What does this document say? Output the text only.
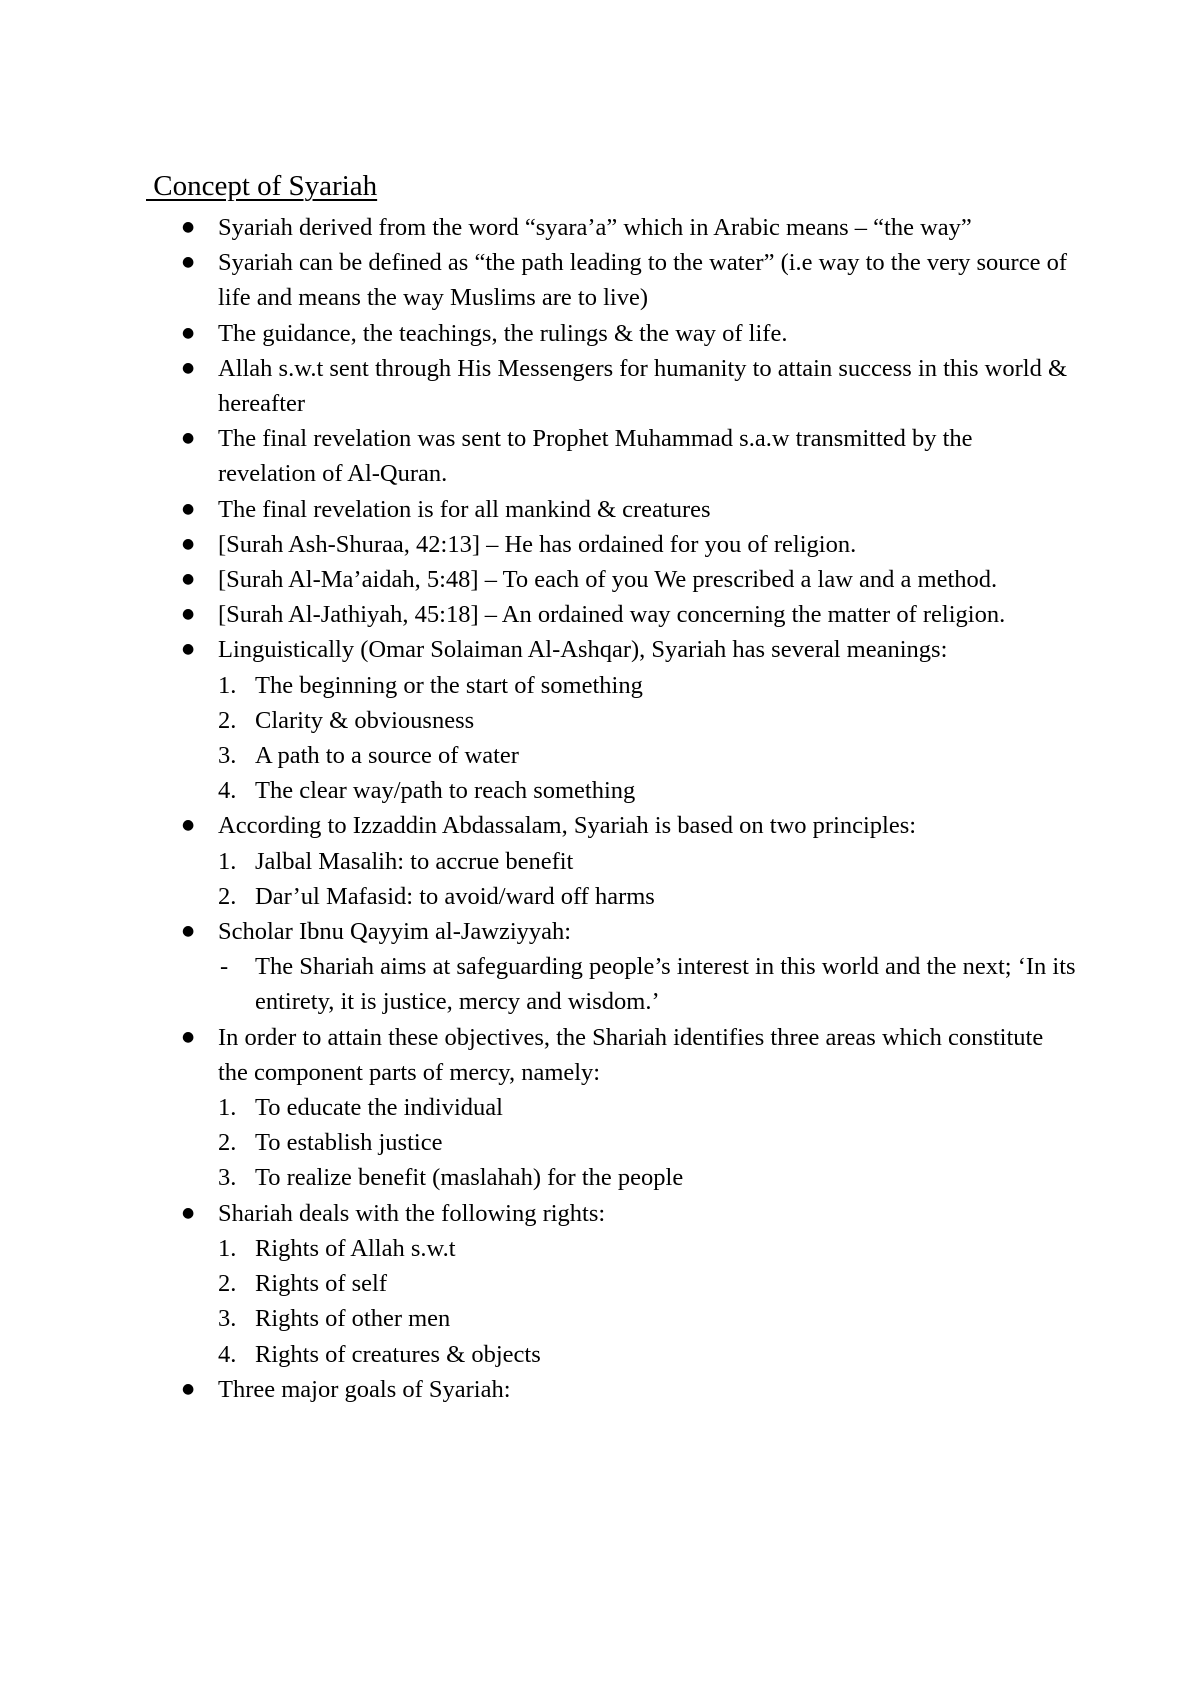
Concept of Syariah
● Syariah derived from the word “syara’a” which in Arabic means – “the way”
● Syariah can be defined as “the path leading to the water” (i.e way to the very source of life and means the way Muslims are to live)
● The guidance, the teachings, the rulings & the way of life.
● Allah s.w.t sent through His Messengers for humanity to attain success in this world & hereafter
● The final revelation was sent to Prophet Muhammad s.a.w transmitted by the revelation of Al-Quran.
● The final revelation is for all mankind & creatures
● [Surah Ash-Shuraa, 42:13] – He has ordained for you of religion.
● [Surah Al-Ma’aidah, 5:48] – To each of you We prescribed a law and a method.
● [Surah Al-Jathiyah, 45:18] – An ordained way concerning the matter of religion.
● Linguistically (Omar Solaiman Al-Ashqar), Syariah has several meanings:
1. The beginning or the start of something
2. Clarity & obviousness
3. A path to a source of water
4. The clear way/path to reach something
● According to Izzaddin Abdassalam, Syariah is based on two principles:
1. Jalbal Masalih: to accrue benefit
2. Dar’ul Mafasid: to avoid/ward off harms
● Scholar Ibnu Qayyim al-Jawziyyah:
- The Shariah aims at safeguarding people’s interest in this world and the next; ‘In its entirety, it is justice, mercy and wisdom.’
● In order to attain these objectives, the Shariah identifies three areas which constitute the component parts of mercy, namely:
1. To educate the individual
2. To establish justice
3. To realize benefit (maslahah) for the people
● Shariah deals with the following rights:
1. Rights of Allah s.w.t
2. Rights of self
3. Rights of other men
4. Rights of creatures & objects
● Three major goals of Syariah:
